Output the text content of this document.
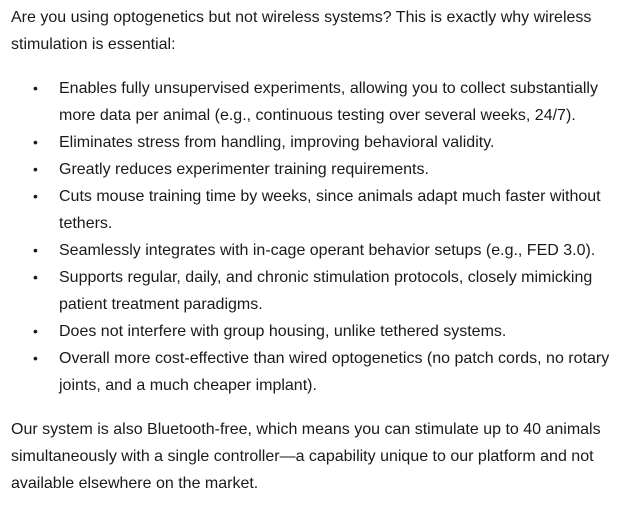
Are you using optogenetics but not wireless systems? This is exactly why wireless stimulation is essential:

• Enables fully unsupervised experiments, allowing you to collect substantially more data per animal (e.g., continuous testing over several weeks, 24/7).
• Eliminates stress from handling, improving behavioral validity.
• Greatly reduces experimenter training requirements.
• Cuts mouse training time by weeks, since animals adapt much faster without tethers.
• Seamlessly integrates with in-cage operant behavior setups (e.g., FED 3.0).
• Supports regular, daily, and chronic stimulation protocols, closely mimicking patient treatment paradigms.
• Does not interfere with group housing, unlike tethered systems.
• Overall more cost-effective than wired optogenetics (no patch cords, no rotary joints, and a much cheaper implant).

Our system is also Bluetooth-free, which means you can stimulate up to 40 animals simultaneously with a single controller—a capability unique to our platform and not available elsewhere on the market.
